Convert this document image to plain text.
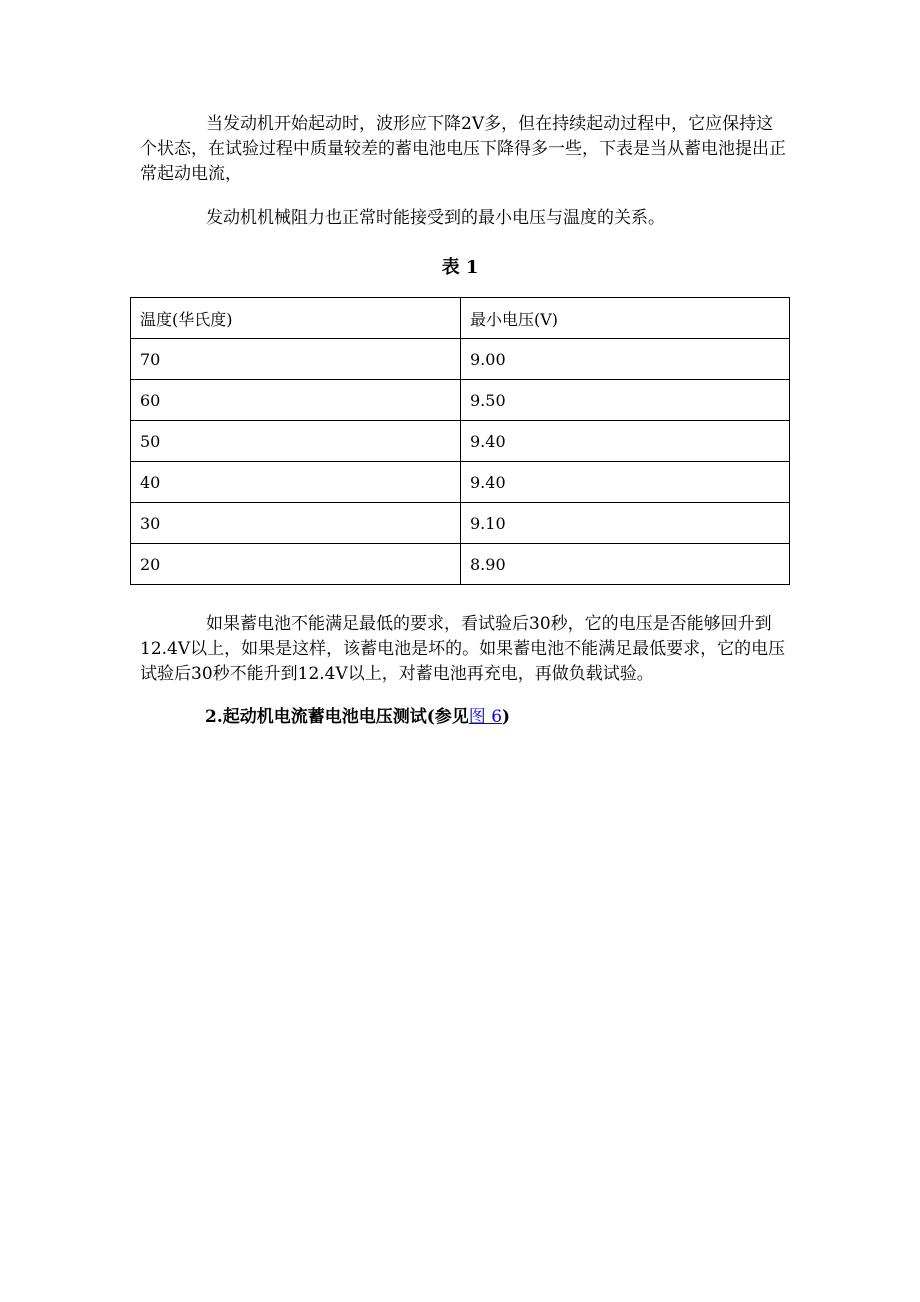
当发动机开始起动时，波形应下降2V多，但在持续起动过程中，它应保持这个状态，在试验过程中质量较差的蓄电池电压下降得多一些，下表是当从蓄电池提出正常起动电流，

发动机机械阻力也正常时能接受到的最小电压与温度的关系。

表 1

温度(华氏度)	最小电压(V)
70	9.00
60	9.50
50	9.40
40	9.40
30	9.10
20	8.90

如果蓄电池不能满足最低的要求，看试验后30秒，它的电压是否能够回升到12.4V以上，如果是这样，该蓄电池是坏的。如果蓄电池不能满足最低要求，它的电压试验后30秒不能升到12.4V以上，对蓄电池再充电，再做负载试验。

2.起动机电流蓄电池电压测试(参见图 6)
